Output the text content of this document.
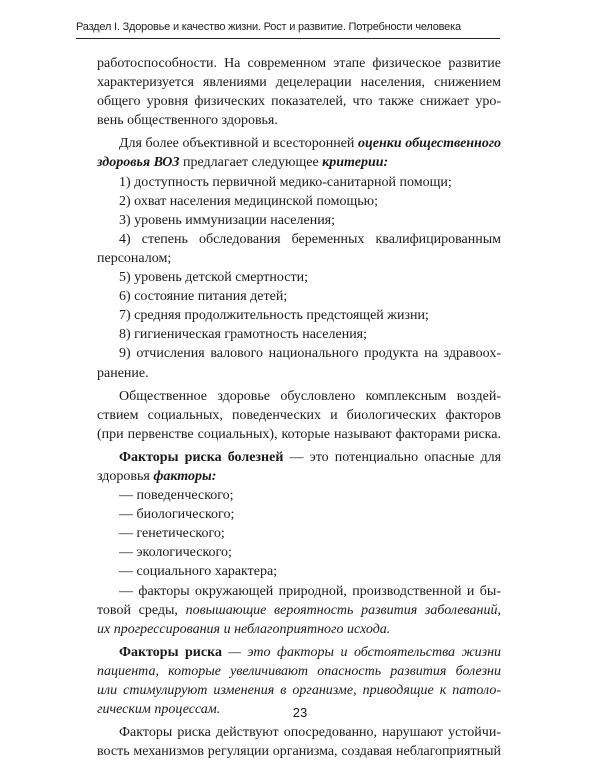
Раздел I. Здоровье и качество жизни. Рост и развитие. Потребности человека
работоспособности. На современном этапе физическое развитие
характеризуется явлениями децелерации населения, снижением
общего уровня физических показателей, что также снижает уро-
вень общественного здоровья.
Для более объективной и всесторонней оценки общественного
здоровья ВОЗ предлагает следующее критерии:
1) доступность первичной медико-санитарной помощи;
2) охват населения медицинской помощью;
3) уровень иммунизации населения;
4) степень обследования беременных квалифицированным
персоналом;
5) уровень детской смертности;
6) состояние питания детей;
7) средняя продолжительность предстоящей жизни;
8) гигиеническая грамотность населения;
9) отчисления валового национального продукта на здравоох-
ранение.
Общественное здоровье обусловлено комплексным воздей-
ствием социальных, поведенческих и биологических факторов
(при первенстве социальных), которые называют факторами риска.
Факторы риска болезней — это потенциально опасные для
здоровья факторы:
— поведенческого;
— биологического;
— генетического;
— экологического;
— социального характера;
— факторы окружающей природной, производственной и бы-
товой среды, повышающие вероятность развития заболеваний,
их прогрессирования и неблагоприятного исхода.
Факторы риска — это факторы и обстоятельства жизни
пациента, которые увеличивают опасность развития болезни
или стимулируют изменения в организме, приводящие к патоло-
гическим процессам.
Факторы риска действуют опосредованно, нарушают устойчи-
вость механизмов регуляции организма, создавая неблагоприятный
23
